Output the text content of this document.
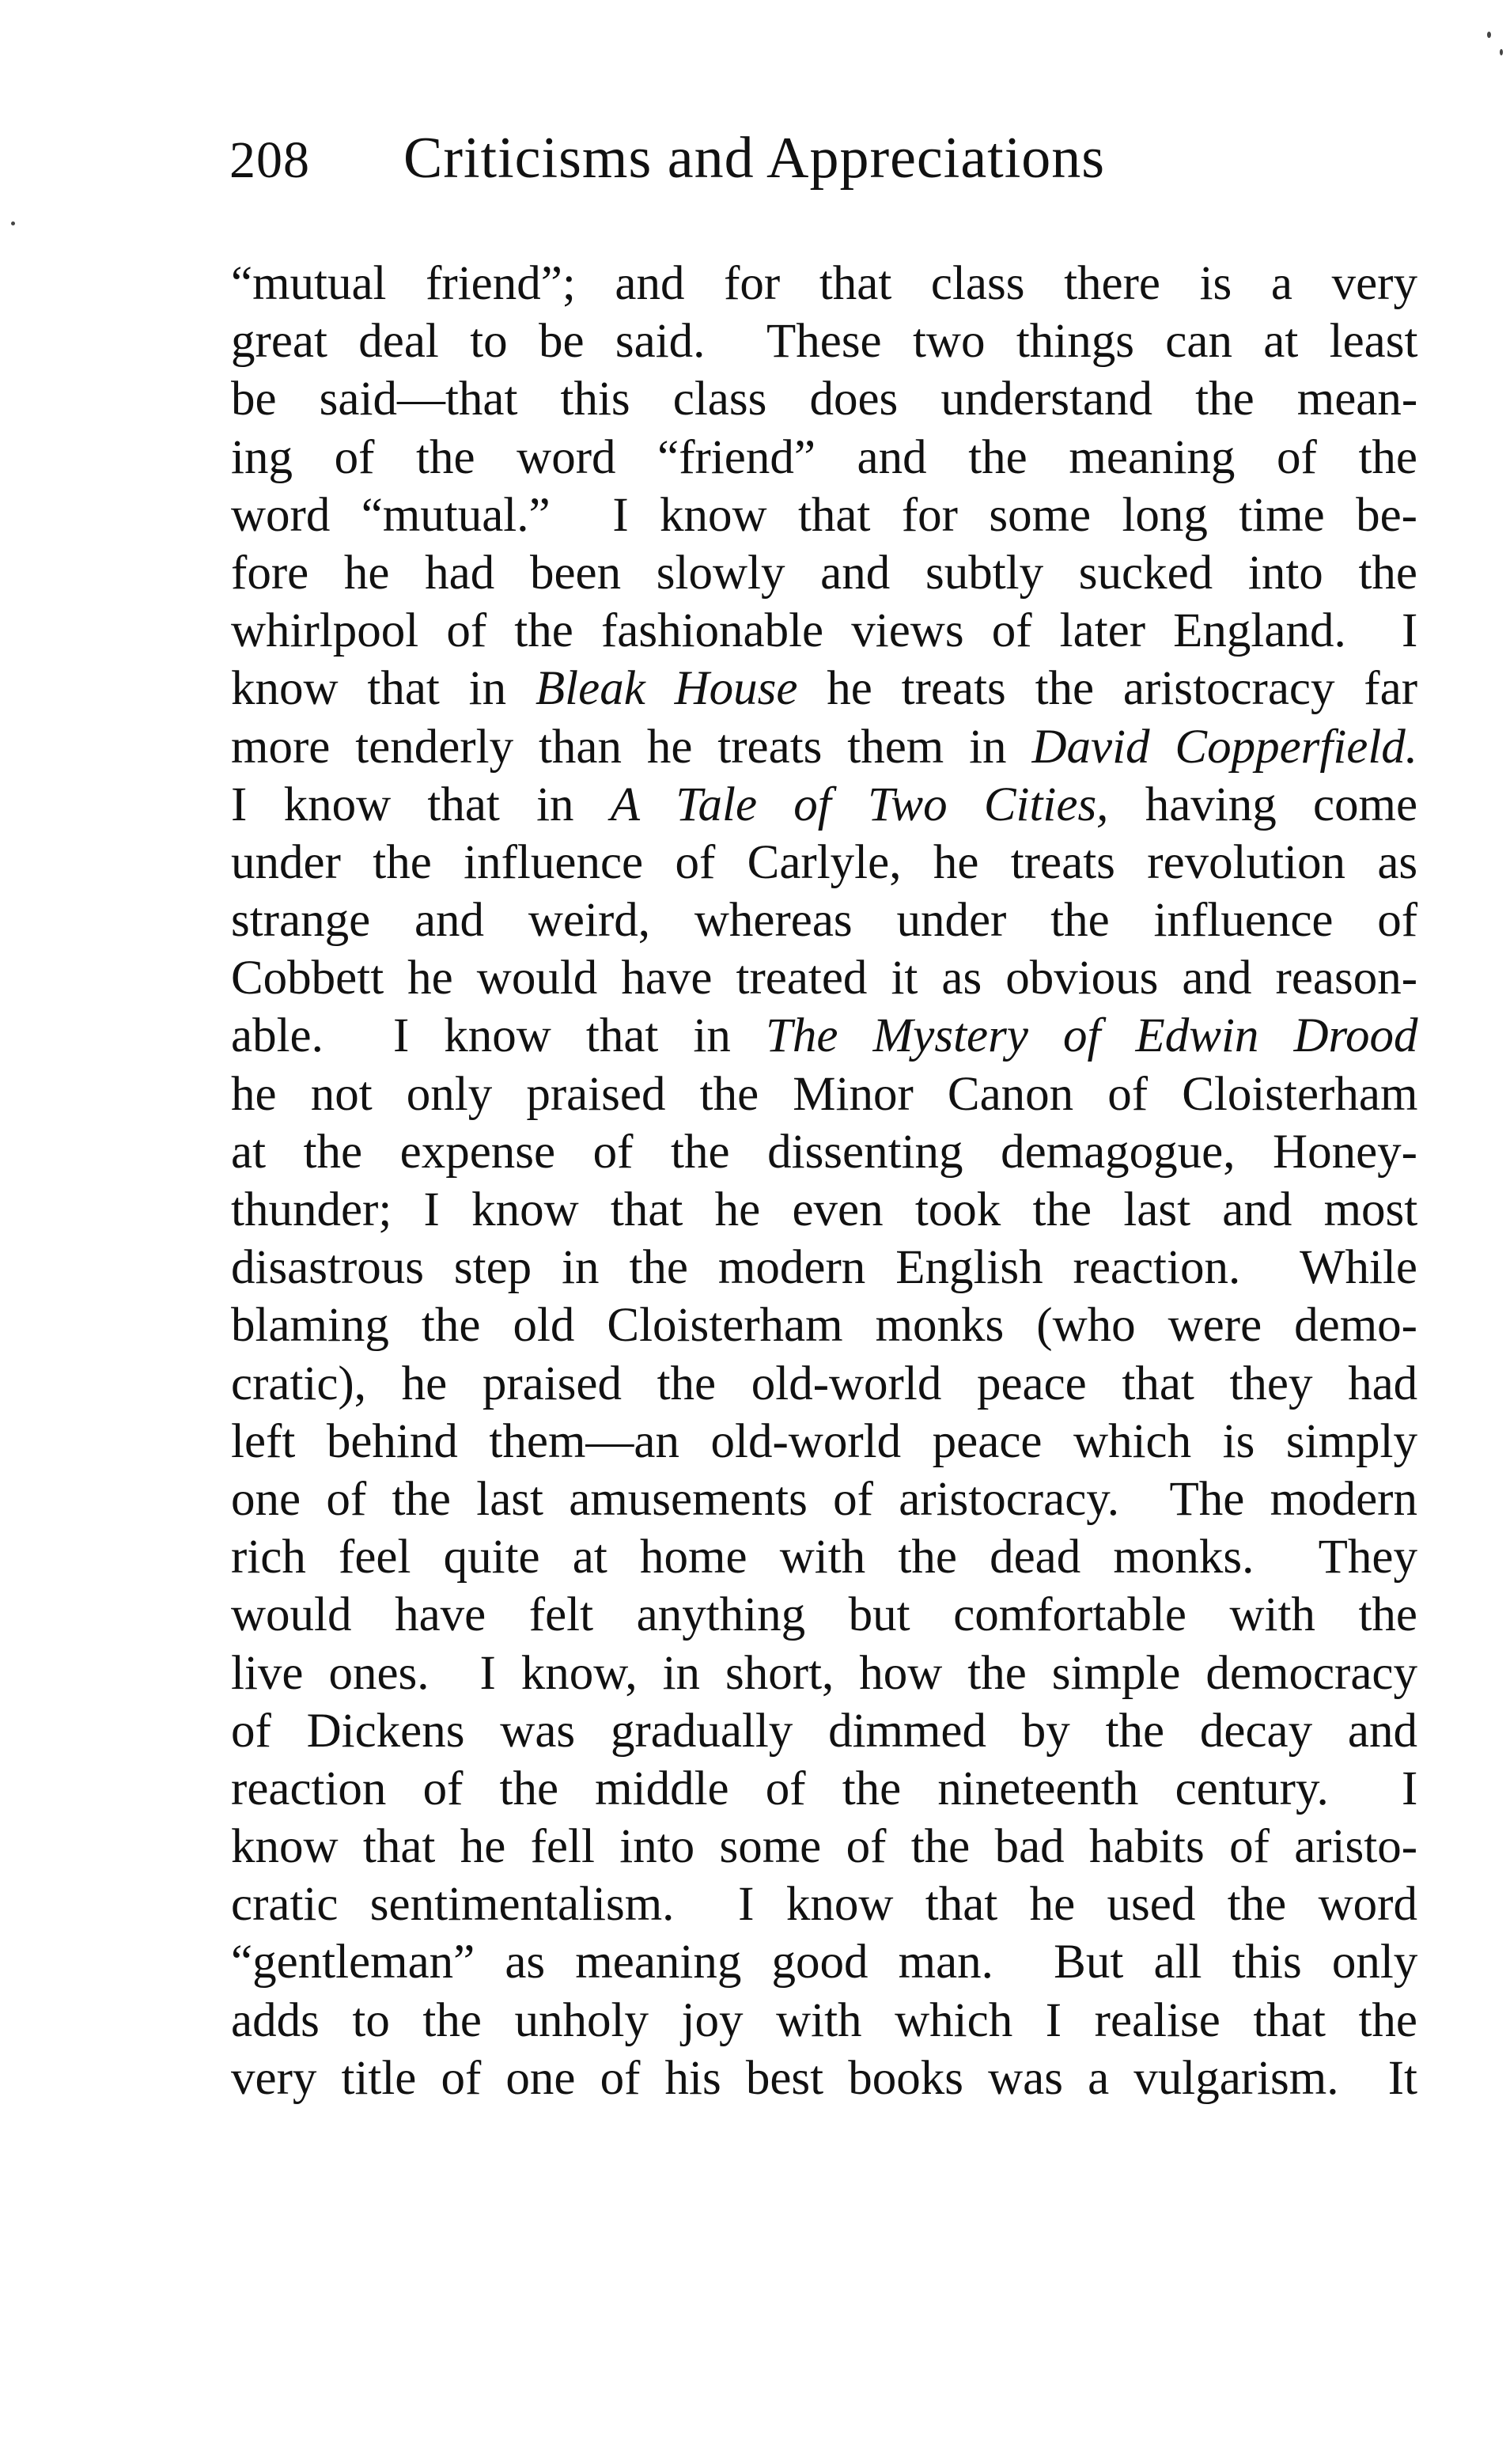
208	Criticisms and Appreciations
“mutual friend”; and for that class there is a very
great deal to be said.  These two things can at least
be said—that this class does understand the mean-
ing of the word “friend” and the meaning of the
word “mutual.”  I know that for some long time be-
fore he had been slowly and subtly sucked into the
whirlpool of the fashionable views of later England.  I
know that in Bleak House he treats the aristocracy far
more tenderly than he treats them in David Copperfield.
I know that in A Tale of Two Cities, having come
under the influence of Carlyle, he treats revolution as
strange and weird, whereas under the influence of
Cobbett he would have treated it as obvious and reason-
able.  I know that in The Mystery of Edwin Drood
he not only praised the Minor Canon of Cloisterham
at the expense of the dissenting demagogue, Honey-
thunder; I know that he even took the last and most
disastrous step in the modern English reaction.  While
blaming the old Cloisterham monks (who were demo-
cratic), he praised the old-world peace that they had
left behind them—an old-world peace which is simply
one of the last amusements of aristocracy.  The modern
rich feel quite at home with the dead monks.  They
would have felt anything but comfortable with the
live ones.  I know, in short, how the simple democracy
of Dickens was gradually dimmed by the decay and
reaction of the middle of the nineteenth century.  I
know that he fell into some of the bad habits of aristo-
cratic sentimentalism.  I know that he used the word
“gentleman” as meaning good man.  But all this only
adds to the unholy joy with which I realise that the
very title of one of his best books was a vulgarism.  It
